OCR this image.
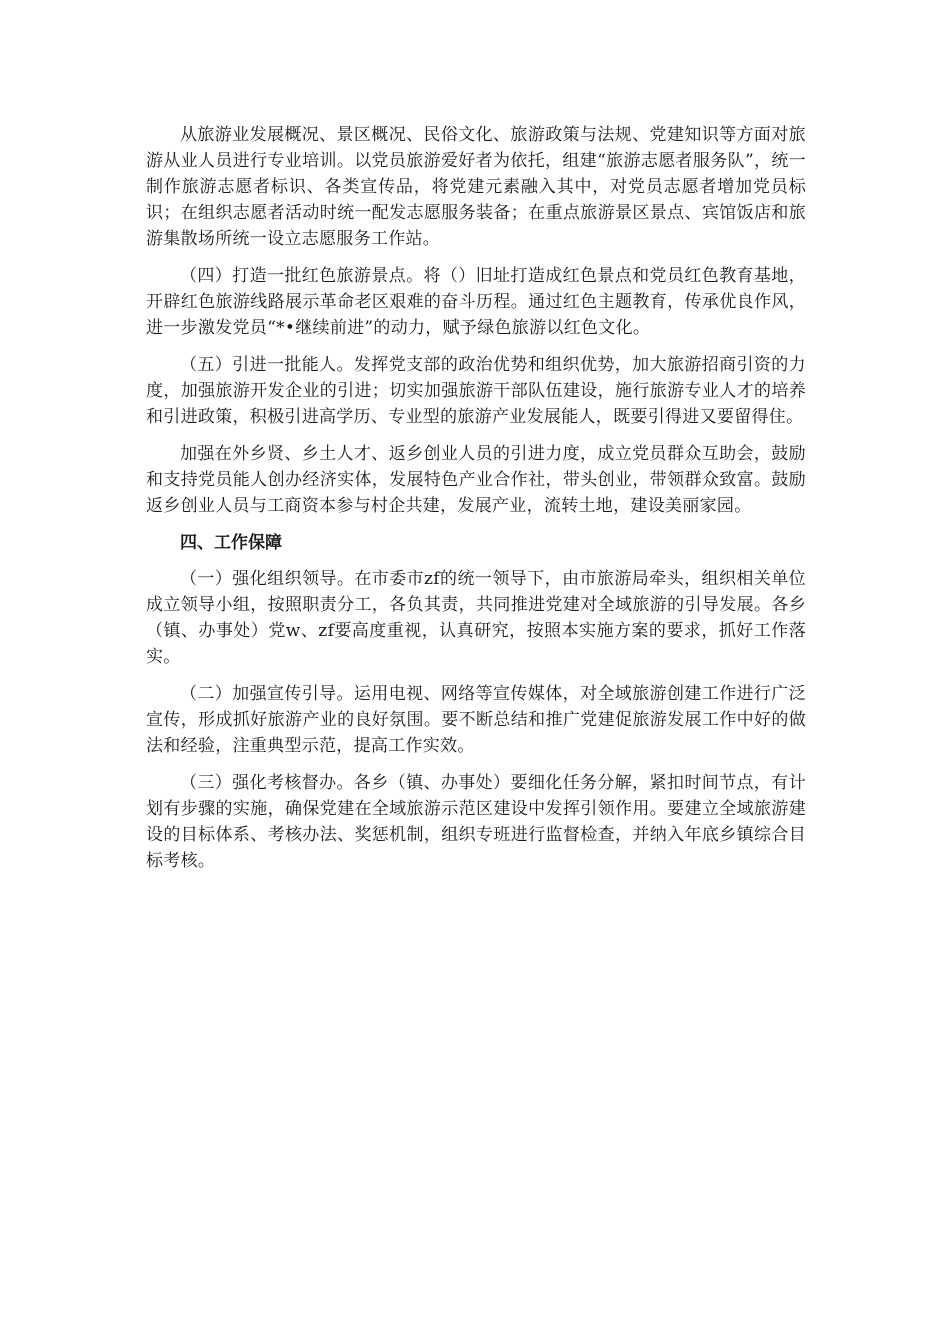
从旅游业发展概况、景区概况、民俗文化、旅游政策与法规、党建知识等方面对旅游从业人员进行专业培训。以党员旅游爱好者为依托，组建“旅游志愿者服务队”，统一制作旅游志愿者标识、各类宣传品，将党建元素融入其中，对党员志愿者增加党员标识；在组织志愿者活动时统一配发志愿服务装备；在重点旅游景区景点、宾馆饭店和旅游集散场所统一设立志愿服务工作站。

（四）打造一批红色旅游景点。将（）旧址打造成红色景点和党员红色教育基地，开辟红色旅游线路展示革命老区艰难的奋斗历程。通过红色主题教育，传承优良作风，进一步激发党员“*•继续前进”的动力，赋予绿色旅游以红色文化。

（五）引进一批能人。发挥党支部的政治优势和组织优势，加大旅游招商引资的力度，加强旅游开发企业的引进；切实加强旅游干部队伍建设，施行旅游专业人才的培养和引进政策，积极引进高学历、专业型的旅游产业发展能人，既要引得进又要留得住。

加强在外乡贤、乡土人才、返乡创业人员的引进力度，成立党员群众互助会，鼓励和支持党员能人创办经济实体，发展特色产业合作社，带头创业，带领群众致富。鼓励返乡创业人员与工商资本参与村企共建，发展产业，流转土地，建设美丽家园。

四、工作保障

（一）强化组织领导。在市委市zf的统一领导下，由市旅游局牵头，组织相关单位成立领导小组，按照职责分工，各负其责，共同推进党建对全域旅游的引导发展。各乡（镇、办事处）党w、zf要高度重视，认真研究，按照本实施方案的要求，抓好工作落实。

（二）加强宣传引导。运用电视、网络等宣传媒体，对全域旅游创建工作进行广泛宣传，形成抓好旅游产业的良好氛围。要不断总结和推广党建促旅游发展工作中好的做法和经验，注重典型示范，提高工作实效。

（三）强化考核督办。各乡（镇、办事处）要细化任务分解，紧扣时间节点，有计划有步骤的实施，确保党建在全域旅游示范区建设中发挥引领作用。要建立全域旅游建设的目标体系、考核办法、奖惩机制，组织专班进行监督检查，并纳入年底乡镇综合目标考核。
